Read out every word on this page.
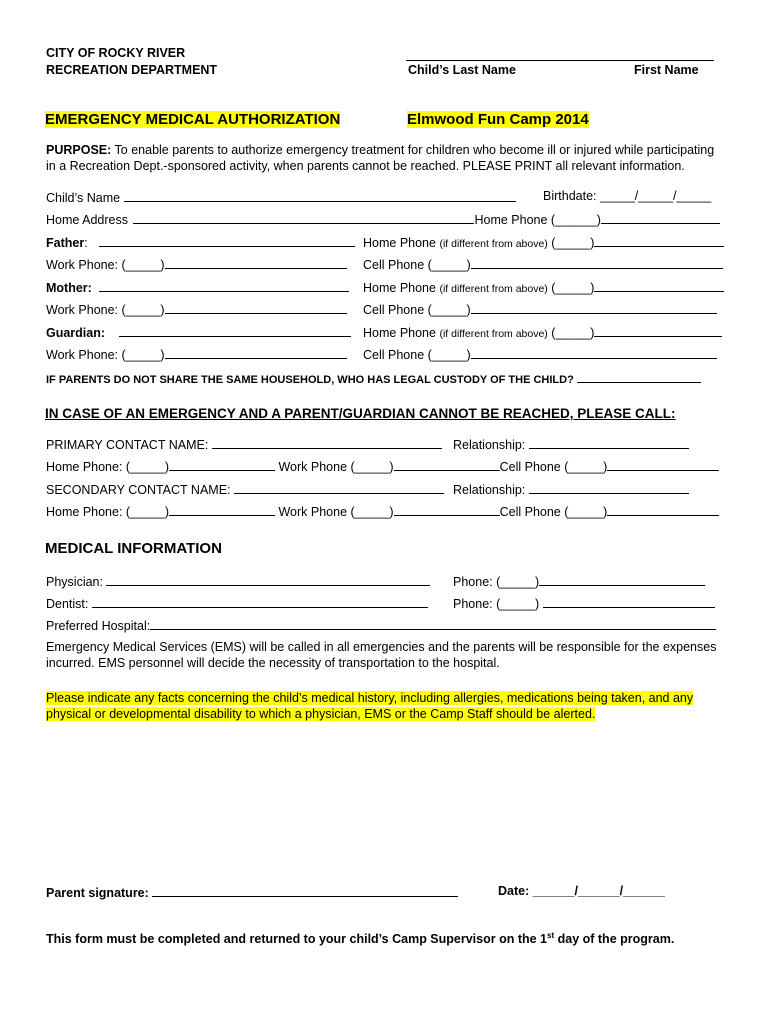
CITY OF ROCKY RIVER
RECREATION DEPARTMENT	Child’s Last Name	First Name
EMERGENCY MEDICAL AUTHORIZATION	Elmwood Fun Camp 2014

PURPOSE: To enable parents to authorize emergency treatment for children who become ill or injured while participating
in a Recreation Dept.-sponsored activity, when parents cannot be reached. PLEASE PRINT all relevant information.

Child’s Name	Birthdate: _____/_____/_____
Home Address	Home Phone (______)
Father:	Home Phone (if different from above) (_____)
Work Phone: (_____)	Cell Phone (_____)
Mother:	Home Phone (if different from above) (_____)
Work Phone: (_____)	Cell Phone (_____)
Guardian:	Home Phone (if different from above) (_____)
Work Phone: (_____)	Cell Phone (_____)
IF PARENTS DO NOT SHARE THE SAME HOUSEHOLD, WHO HAS LEGAL CUSTODY OF THE CHILD?
IN CASE OF AN EMERGENCY AND A PARENT/GUARDIAN CANNOT BE REACHED, PLEASE CALL:
PRIMARY CONTACT NAME:	Relationship:
Home Phone: (_____)	Work Phone (_____)	Cell Phone (_____)
SECONDARY CONTACT NAME:	Relationship:
Home Phone: (_____)	Work Phone (_____)	Cell Phone (_____)
MEDICAL INFORMATION
Physician:	Phone: (_____)
Dentist:	Phone: (_____)
Preferred Hospital:

Emergency Medical Services (EMS) will be called in all emergencies and the parents will be responsible for the expenses
incurred. EMS personnel will decide the necessity of transportation to the hospital.

Please indicate any facts concerning the child’s medical history, including allergies, medications being taken, and any
physical or developmental disability to which a physician, EMS or the Camp Staff should be alerted.

Parent signature:	Date: ______/______/______
This form must be completed and returned to your child’s Camp Supervisor on the 1st day of the program.
